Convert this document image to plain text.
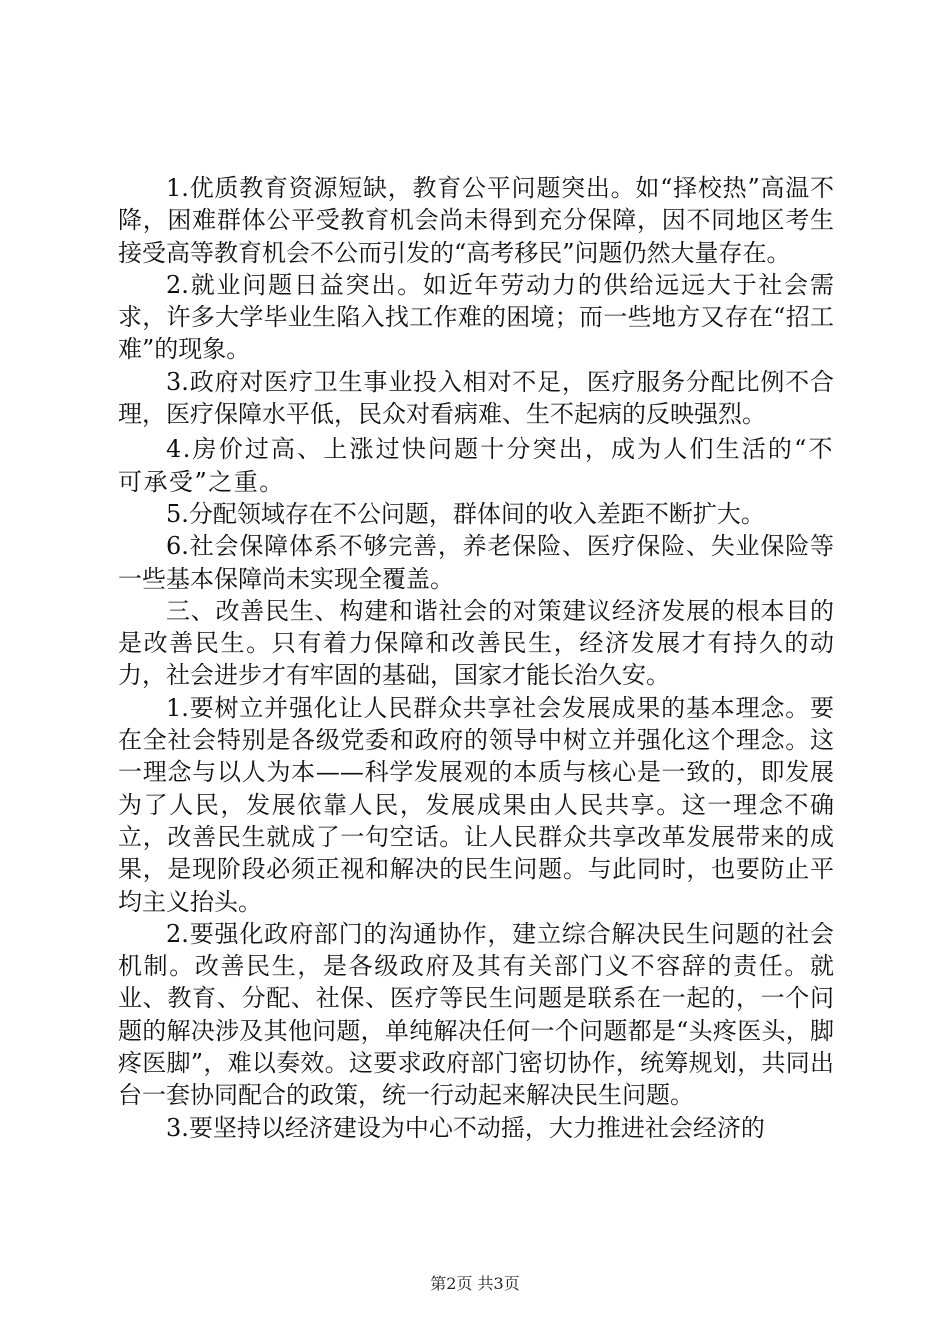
1.优质教育资源短缺，教育公平问题突出。如“择校热”高温不降，困难群体公平受教育机会尚未得到充分保障，因不同地区考生接受高等教育机会不公而引发的“高考移民”问题仍然大量存在。

2.就业问题日益突出。如近年劳动力的供给远远大于社会需求，许多大学毕业生陷入找工作难的困境；而一些地方又存在“招工难”的现象。

3.政府对医疗卫生事业投入相对不足，医疗服务分配比例不合理，医疗保障水平低，民众对看病难、生不起病的反映强烈。

4.房价过高、上涨过快问题十分突出，成为人们生活的“不可承受”之重。

5.分配领域存在不公问题，群体间的收入差距不断扩大。

6.社会保障体系不够完善，养老保险、医疗保险、失业保险等一些基本保障尚未实现全覆盖。

三、改善民生、构建和谐社会的对策建议经济发展的根本目的是改善民生。只有着力保障和改善民生，经济发展才有持久的动力，社会进步才有牢固的基础，国家才能长治久安。

1.要树立并强化让人民群众共享社会发展成果的基本理念。要在全社会特别是各级党委和政府的领导中树立并强化这个理念。这一理念与以人为本——科学发展观的本质与核心是一致的，即发展为了人民，发展依靠人民，发展成果由人民共享。这一理念不确立，改善民生就成了一句空话。让人民群众共享改革发展带来的成果，是现阶段必须正视和解决的民生问题。与此同时，也要防止平均主义抬头。

2.要强化政府部门的沟通协作，建立综合解决民生问题的社会机制。改善民生，是各级政府及其有关部门义不容辞的责任。就业、教育、分配、社保、医疗等民生问题是联系在一起的，一个问题的解决涉及其他问题，单纯解决任何一个问题都是“头疼医头，脚疼医脚”，难以奏效。这要求政府部门密切协作，统筹规划，共同出台一套协同配合的政策，统一行动起来解决民生问题。

3.要坚持以经济建设为中心不动摇，大力推进社会经济的

第2页 共3页
